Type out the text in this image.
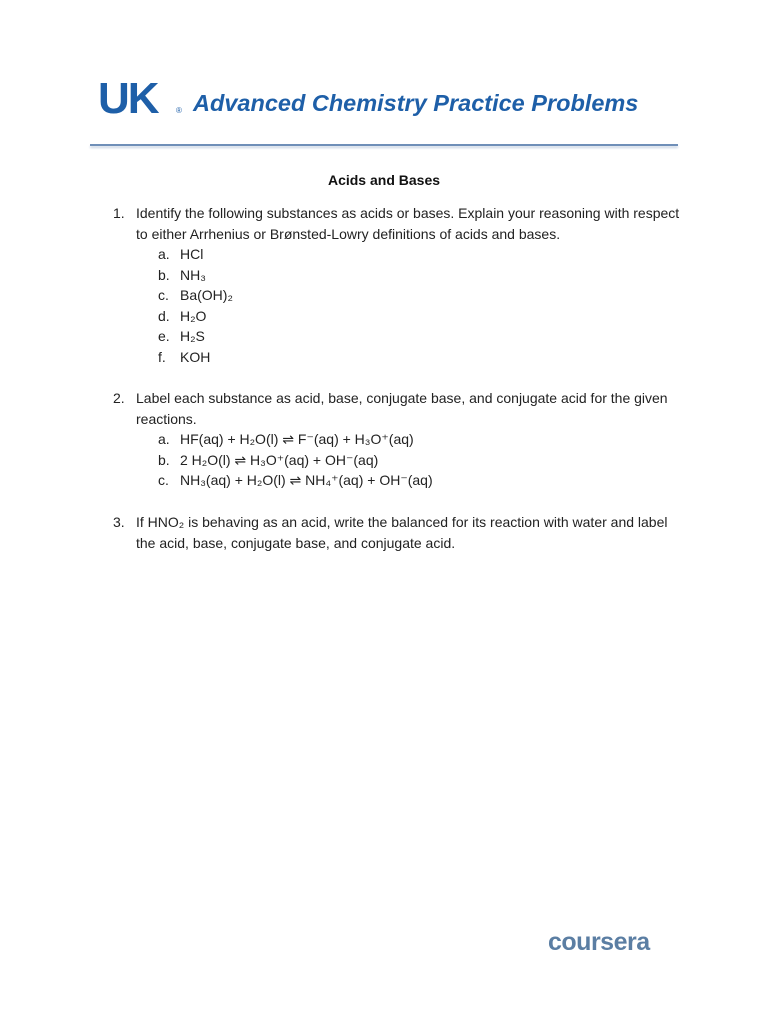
UK ® Advanced Chemistry Practice Problems
Acids and Bases
1. Identify the following substances as acids or bases. Explain your reasoning with respect to either Arrhenius or Brønsted-Lowry definitions of acids and bases.
a. HCl
b. NH₃
c. Ba(OH)₂
d. H₂O
e. H₂S
f. KOH
2. Label each substance as acid, base, conjugate base, and conjugate acid for the given reactions.
a. HF(aq) + H₂O(l) ⇌ F⁻(aq) + H₃O⁺(aq)
b. 2 H₂O(l) ⇌ H₃O⁺(aq) + OH⁻(aq)
c. NH₃(aq) + H₂O(l) ⇌ NH₄⁺(aq) + OH⁻(aq)
3. If HNO₂ is behaving as an acid, write the balanced for its reaction with water and label the acid, base, conjugate base, and conjugate acid.
coursera
